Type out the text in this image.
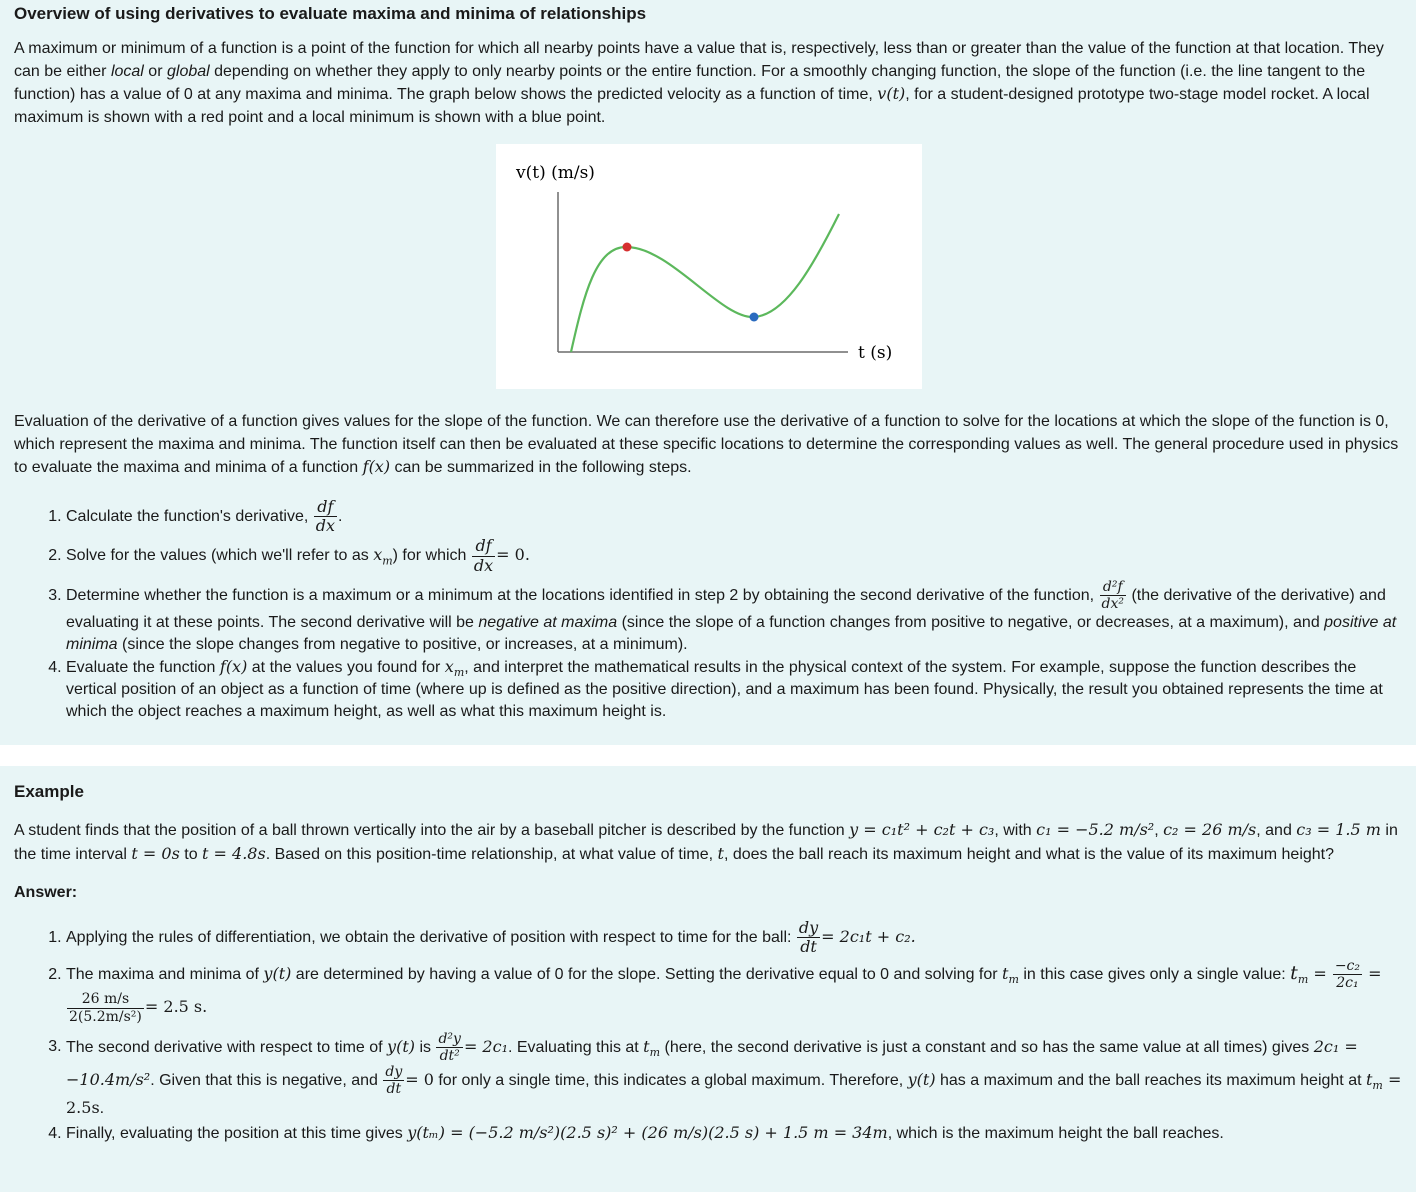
Overview of using derivatives to evaluate maxima and minima of relationships

A maximum or minimum of a function is a point of the function for which all nearby points have a value that is, respectively, less than or greater than the value of the function at that location. They can be either local or global depending on whether they apply to only nearby points or the entire function. For a smoothly changing function, the slope of the function (i.e. the line tangent to the function) has a value of 0 at any maxima and minima. The graph below shows the predicted velocity as a function of time, v(t), for a student-designed prototype two-stage model rocket. A local maximum is shown with a red point and a local minimum is shown with a blue point.

v(t) (m/s)
t (s)

Evaluation of the derivative of a function gives values for the slope of the function. We can therefore use the derivative of a function to solve for the locations at which the slope of the function is 0, which represent the maxima and minima. The function itself can then be evaluated at these specific locations to determine the corresponding values as well. The general procedure used in physics to evaluate the maxima and minima of a function f(x) can be summarized in the following steps.

1. Calculate the function's derivative, $\frac{df}{dx}$ .
2. Solve for the values (which we'll refer to as $x_m$) for which $\frac{df}{dx} = 0$.
3. Determine whether the function is a maximum or a minimum at the locations identified in step 2 by obtaining the second derivative of the function, $\frac{\text{d²f}}{\text{dx²}} (the$ derivative of the derivative) and evaluating it at these points. The second derivative will be negative at maxima (since the slope of a function changes from positive to negative, or decreases, at a maximum), and positive at minima (since the slope changes from negative to positive, or increases, at a minimum).
4. Evaluate the function f(x) at the values you found for $x_m$, and interpret the mathematical results in the physical context of the system. For example, suppose the function describes the vertical position of an object as a function of time (where up is defined as the positive direction), and a maximum has been found. Physically, the result you obtained represents the time at which the object reaches a maximum height, as well as what this maximum height is.
Example

A student finds that the position of a ball thrown vertically into the air by a baseball pitcher is described by the function y = c₁t² + c₂t + c₃, with c₁ = −5.2 m/s², c₂ = 26 m/s, and c₃ = 1.5 m in the time interval t = 0s to t = 4.8s. Based on this position-time relationship, at what value of time, t, does the ball reach its maximum height and what is the value of its maximum height?

Answer:

1. Applying the rules of differentiation, we obtain the derivative of position with respect to time for the ball: $\frac{dy}{dt} = 2c_1t + c_2$.
2. The maxima and minima of y(t) are determined by having a value of 0 for the slope. Setting the derivative equal to 0 and solving for $t_m$ in this case gives only a single value: $t_m = \frac{\text{−c₂}}{\text{2c₁}}$ =
$\frac{26 m/s}{\text{2(5.2m/s²)}} = 2.5$ s.
3. The second derivative with respect to time of y(t) is $\frac{\text{d²y}}{\text{dt²}} = 2c_1$. Evaluating this at $t_m$ (here, the second derivative is just a constant and so has the same value at all times) gives 2c₁ = −10.4m/s². Given that this is negative, and $\frac{dy}{dt} = 0$ for only a single time, this indicates a global maximum. Therefore, y(t) has a maximum and the ball reaches its maximum height at $t_m = 2.5s$.
4. Finally, evaluating the position at this time gives y(tₘ) = (−5.2 m/s²)(2.5 s)² + (26 m/s)(2.5 s) + 1.5 m = 34m, which is the maximum height the ball reaches.
